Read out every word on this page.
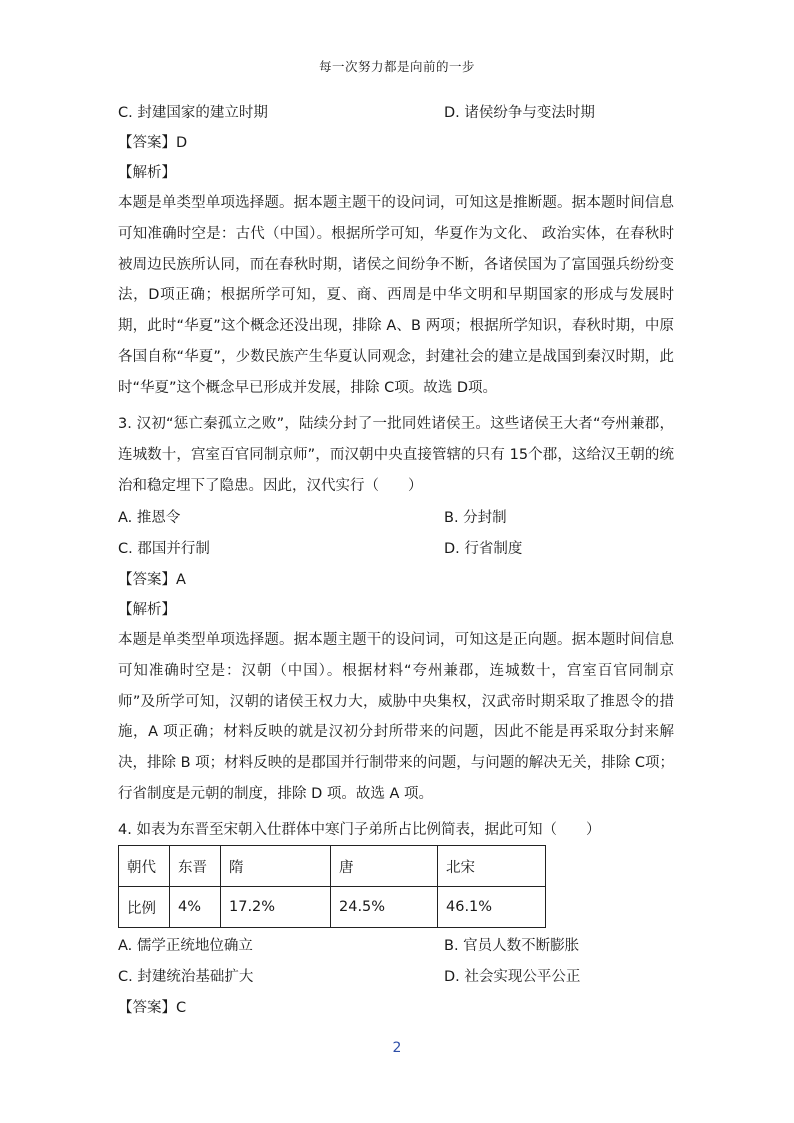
每一次努力都是向前的一步
C. 封建国家的建立时期	D. 诸侯纷争与变法时期
【答案】D
【解析】
本题是单类型单项选择题。据本题主题干的设问词，可知这是推断题。据本题时间信息可知准确时空是：古代（中国）。根据所学可知，华夏作为文化、 政治实体，在春秋时被周边民族所认同，而在春秋时期，诸侯之间纷争不断，各诸侯国为了富国强兵纷纷变法，D项正确；根据所学可知，夏、商、西周是中华文明和早期国家的形成与发展时期，此时“华夏”这个概念还没出现，排除 A、B 两项；根据所学知识，春秋时期，中原各国自称“华夏”，少数民族产生华夏认同观念，封建社会的建立是战国到秦汉时期，此时“华夏”这个概念早已形成并发展，排除 C项。故选 D项。
3. 汉初“惩亡秦孤立之败”，陆续分封了一批同姓诸侯王。这些诸侯王大者“夸州兼郡，连城数十，宫室百官同制京师”，而汉朝中央直接管辖的只有 15个郡，这给汉王朝的统治和稳定埋下了隐患。因此，汉代实行（　　）
A. 推恩令	B. 分封制
C. 郡国并行制	D. 行省制度
【答案】A
【解析】
本题是单类型单项选择题。据本题主题干的设问词，可知这是正向题。据本题时间信息可知准确时空是：汉朝（中国）。根据材料“夸州兼郡，连城数十，宫室百官同制京师”及所学可知，汉朝的诸侯王权力大，威胁中央集权，汉武帝时期采取了推恩令的措施，A 项正确；材料反映的就是汉初分封所带来的问题，因此不能是再采取分封来解决，排除 B 项；材料反映的是郡国并行制带来的问题，与问题的解决无关，排除 C项；行省制度是元朝的制度，排除 D 项。故选 A 项。
4. 如表为东晋至宋朝入仕群体中寒门子弟所占比例简表，据此可知（　　）
朝代	东晋	隋	唐	北宋
比例	4%	17.2%	24.5%	46.1%
A. 儒学正统地位确立	B. 官员人数不断膨胀
C. 封建统治基础扩大	D. 社会实现公平公正
【答案】C
2
